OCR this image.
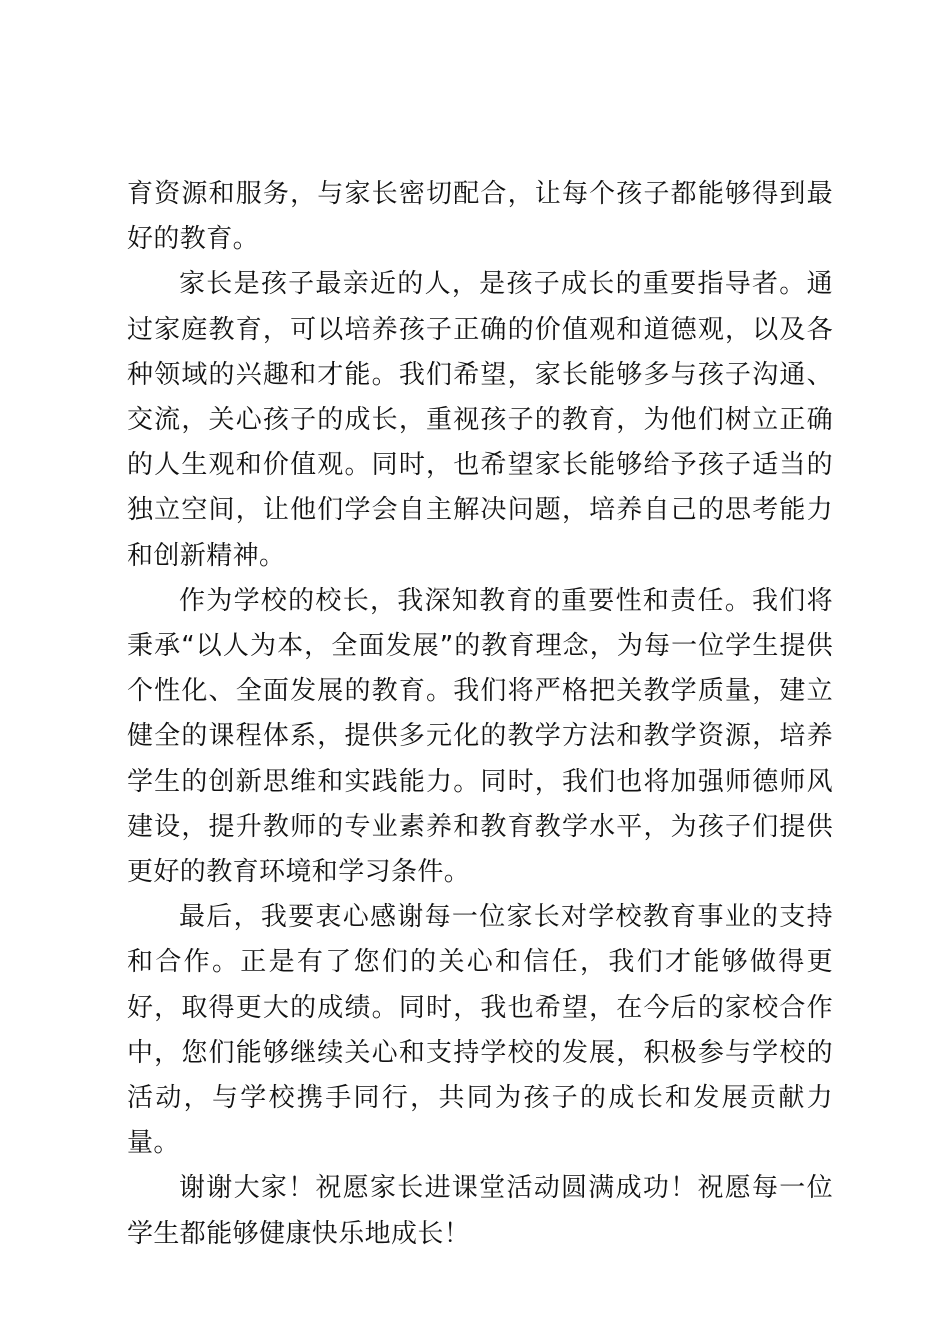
育资源和服务，与家长密切配合，让每个孩子都能够得到最好的教育。

家长是孩子最亲近的人，是孩子成长的重要指导者。通过家庭教育，可以培养孩子正确的价值观和道德观，以及各种领域的兴趣和才能。我们希望，家长能够多与孩子沟通、交流，关心孩子的成长，重视孩子的教育，为他们树立正确的人生观和价值观。同时，也希望家长能够给予孩子适当的独立空间，让他们学会自主解决问题，培养自己的思考能力和创新精神。

作为学校的校长，我深知教育的重要性和责任。我们将秉承“以人为本，全面发展”的教育理念，为每一位学生提供个性化、全面发展的教育。我们将严格把关教学质量，建立健全的课程体系，提供多元化的教学方法和教学资源，培养学生的创新思维和实践能力。同时，我们也将加强师德师风建设，提升教师的专业素养和教育教学水平，为孩子们提供更好的教育环境和学习条件。

最后，我要衷心感谢每一位家长对学校教育事业的支持和合作。正是有了您们的关心和信任，我们才能够做得更好，取得更大的成绩。同时，我也希望，在今后的家校合作中，您们能够继续关心和支持学校的发展，积极参与学校的活动，与学校携手同行，共同为孩子的成长和发展贡献力量。

谢谢大家！祝愿家长进课堂活动圆满成功！祝愿每一位学生都能够健康快乐地成长！
